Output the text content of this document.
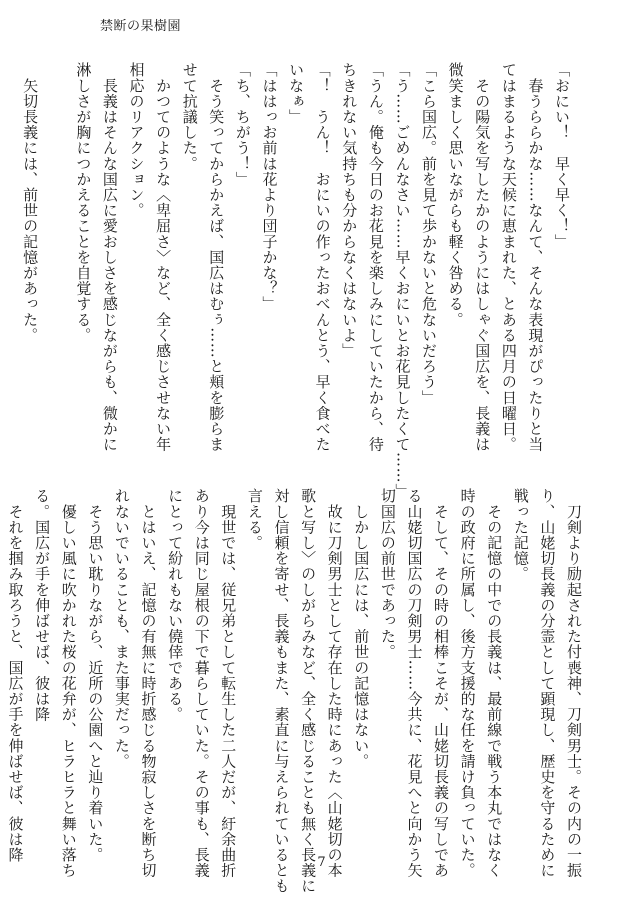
禁断の果樹園

「おにい！　早く早く！」

　春うららかな……なんて、そんな表現がぴったりと当

てはまるような天候に恵まれた、とある四月の日曜日。

　その陽気を写したかのようにはしゃぐ国広を、長義は

微笑ましく思いながらも軽く咎める。

「こら国広。前を見て歩かないと危ないだろう」

「う……ごめんなさい……早くおにいとお花見したくて……」

「うん。俺も今日のお花見を楽しみにしていたから、待

ちきれない気持ちも分からなくはないよ」

「！　うん！　おにいの作ったおべんとう、早く食べた

いなぁ」

「ははっお前は花より団子かな？」

「ち、ちがう！」

　そう笑ってからかえば、国広はむぅ……と頬を膨らま

せて抗議した。

　かつてのような〈卑屈さ〉など、全く感じさせない年

相応のリアクション。

　長義はそんな国広に愛おしさを感じながらも、微かに

淋しさが胸につかえることを自覚する。

　矢切長義には、前世の記憶があった。

　刀剣より励起された付喪神、刀剣男士。その内の一振

り、山姥切長義の分霊として顕現し、歴史を守るために

戦った記憶。

　その記憶の中での長義は、最前線で戦う本丸ではなく

時の政府に所属し、後方支援的な任を請け負っていた。

　そして、その時の相棒こそが、山姥切長義の写しであ

る山姥切国広の刀剣男士……今共に、花見へと向かう矢

切国広の前世であった。

　しかし国広には、前世の記憶はない。

　故に刀剣男士として存在した時にあった〈山姥切の本

歌と写し〉のしがらみなど、全く感じることも無く長義に

対し信頼を寄せ、長義もまた、素直に与えられているとも

言える。

　現世では、従兄弟として転生した二人だが、紆余曲折

あり今は同じ屋根の下で暮らしていた。その事も、長義

にとって紛れもない僥倖である。

　とはいえ、記憶の有無に時折感じる物寂しさを断ち切

れないでいることも、また事実だった。

　そう思い耽りながら、近所の公園へと辿り着いた。

　優しい風に吹かれた桜の花弁が、ヒラヒラと舞い落ち

る。国広が手を伸ばせば、彼は降

　それを掴み取ろうと、国広が手を伸ばせば、彼は降

7
